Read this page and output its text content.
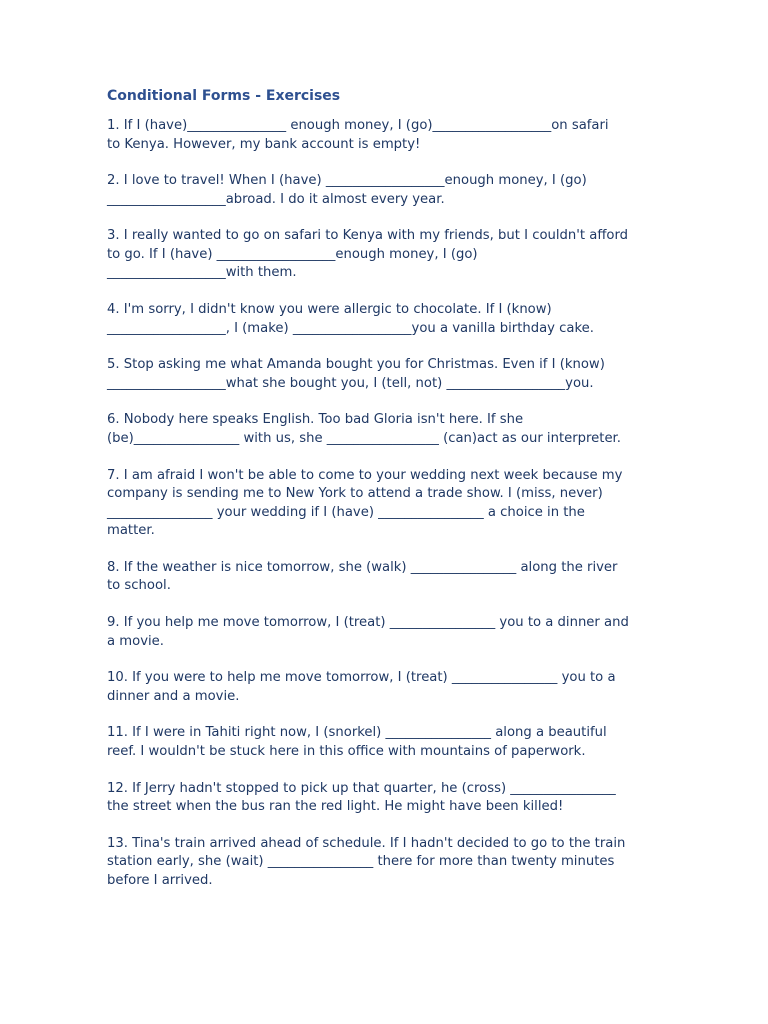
Conditional Forms - Exercises
1. If I (have)_______________ enough money, I (go)__________________on safari
to Kenya. However, my bank account is empty!
2. I love to travel! When I (have) __________________enough money, I (go)
__________________abroad. I do it almost every year.
3. I really wanted to go on safari to Kenya with my friends, but I couldn't afford
to go. If I (have) __________________enough money, I (go)
__________________with them.
4. I'm sorry, I didn't know you were allergic to chocolate. If I (know)
__________________, I (make) __________________you a vanilla birthday cake.
5. Stop asking me what Amanda bought you for Christmas. Even if I (know)
__________________what she bought you, I (tell, not) __________________you.
6. Nobody here speaks English. Too bad Gloria isn't here. If she
(be)________________ with us, she _________________ (can)act as our interpreter.
7. I am afraid I won't be able to come to your wedding next week because my
company is sending me to New York to attend a trade show. I (miss, never)
________________ your wedding if I (have) ________________ a choice in the
matter.
8. If the weather is nice tomorrow, she (walk) ________________ along the river
to school.
9. If you help me move tomorrow, I (treat) ________________ you to a dinner and
a movie.
10. If you were to help me move tomorrow, I (treat) ________________ you to a
dinner and a movie.
11. If I were in Tahiti right now, I (snorkel) ________________ along a beautiful
reef. I wouldn't be stuck here in this office with mountains of paperwork.
12. If Jerry hadn't stopped to pick up that quarter, he (cross) ________________
the street when the bus ran the red light. He might have been killed!
13. Tina's train arrived ahead of schedule. If I hadn't decided to go to the train
station early, she (wait) ________________ there for more than twenty minutes
before I arrived.
